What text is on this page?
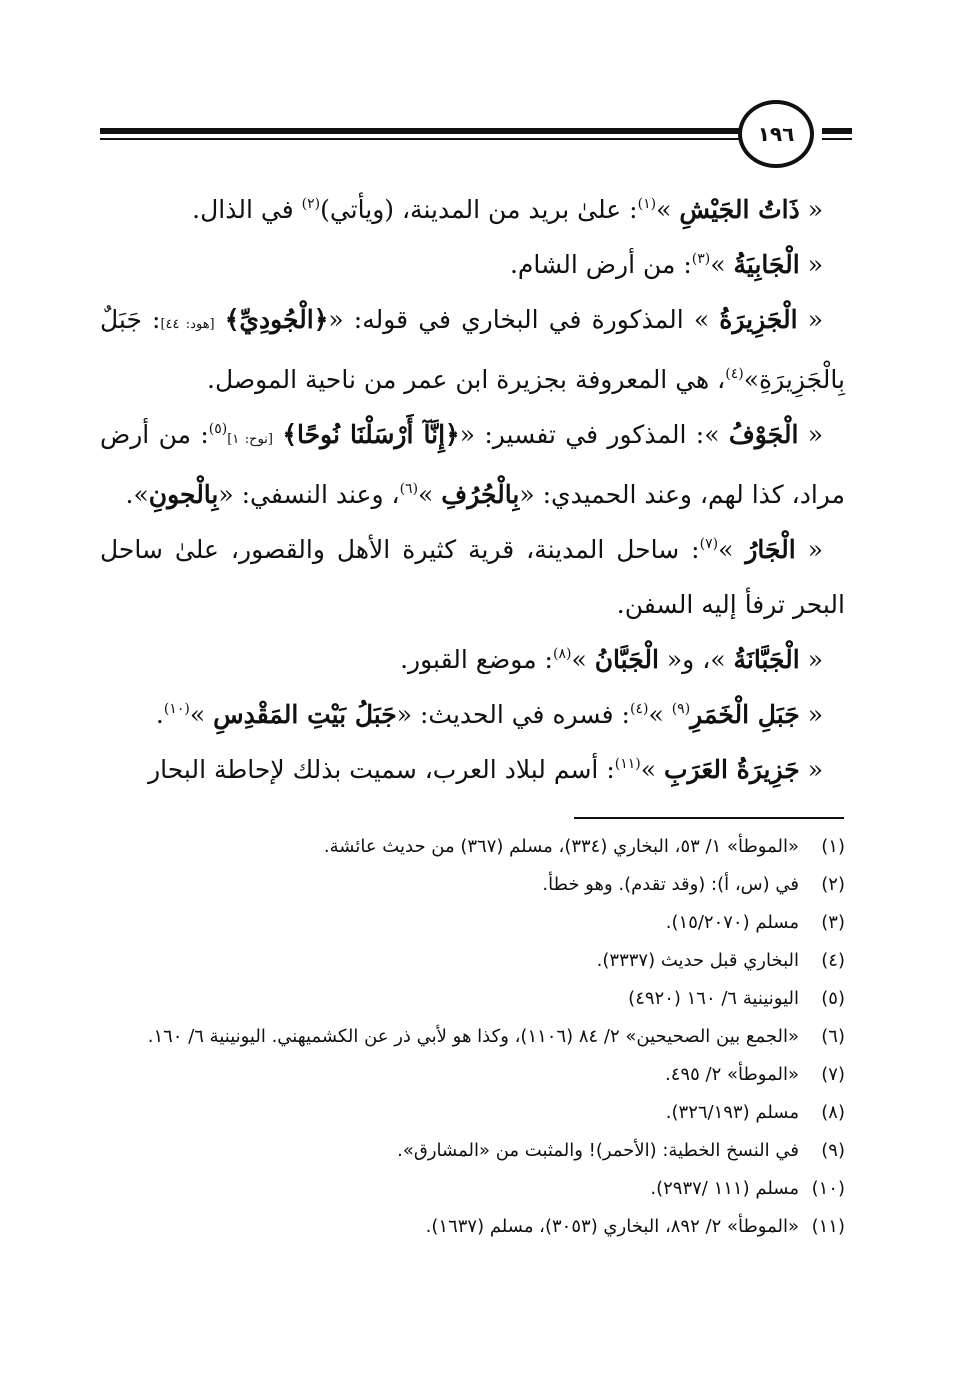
١٩٦

« ذَاتُ الجَيْشِ »$^{(١)}$: علىٰ بريد من المدينة، (ويأتي)$^{(٢)}$ في الذال.

« الْجَابِيَةُ »$^{(٣)}$: من أرض الشام.

« الْجَزِيرَةُ » المذكورة في البخاري في قوله: «﴿الْجُودِيِّ﴾ [هود: ٤٤]: جَبَلٌ بِالْجَزِيرَةِ»$^{(٤)}$، هي المعروفة بجزيرة ابن عمر من ناحية الموصل.

« الْجَوْفُ »: المذكور في تفسير: «﴿إِنَّآ أَرْسَلْنَا نُوحًا﴾ [نوح: ١]$^{(٥)}$: من أرض مراد، كذا لهم، وعند الحميدي: «بِالْجُرُفِ »$^{(٦)}$، وعند النسفي: «بِالْجونِ».

« الْجَارُ »$^{(٧)}$: ساحل المدينة، قرية كثيرة الأهل والقصور، علىٰ ساحل البحر ترفأ إليه السفن.

« الْجَبَّانَةُ »، و« الْجَبَّانُ »$^{(٨)}$: موضع القبور.

« جَبَلِ الْخَمَرِ$^{(٩)}$ »$^{(٤)}$: فسره في الحديث: «جَبَلُ بَيْتِ المَقْدِسِ »$^{(١٠)}$.

« جَزِيرَةُ العَرَبِ »$^{(١١)}$: أسم لبلاد العرب، سميت بذلك لإحاطة البحار

(١)
«الموطأ» ١/ ٥٣، البخاري (٣٣٤)، مسلم (٣٦٧) من حديث عائشة.
(٢)
في (س، أ): (وقد تقدم). وهو خطأ.
(٣)
مسلم (١٥/٢٠٧٠).
(٤)
البخاري قبل حديث (٣٣٣٧).
(٥)
اليونينية ٦/ ١٦٠ (٤٩٢٠)
(٦)
«الجمع بين الصحيحين» ٢/ ٨٤ (١١٠٦)، وكذا هو لأبي ذر عن الكشميهني. اليونينية ٦/ ١٦٠.
(٧)
«الموطأ» ٢/ ٤٩٥.
(٨)
مسلم (٣٢٦/١٩٣).
(٩)
في النسخ الخطية: (الأحمر)! والمثبت من «المشارق».
(١٠)
مسلم (١١١ /٢٩٣٧).
(١١)
«الموطأ» ٢/ ٨٩٢، البخاري (٣٠٥٣)، مسلم (١٦٣٧).
